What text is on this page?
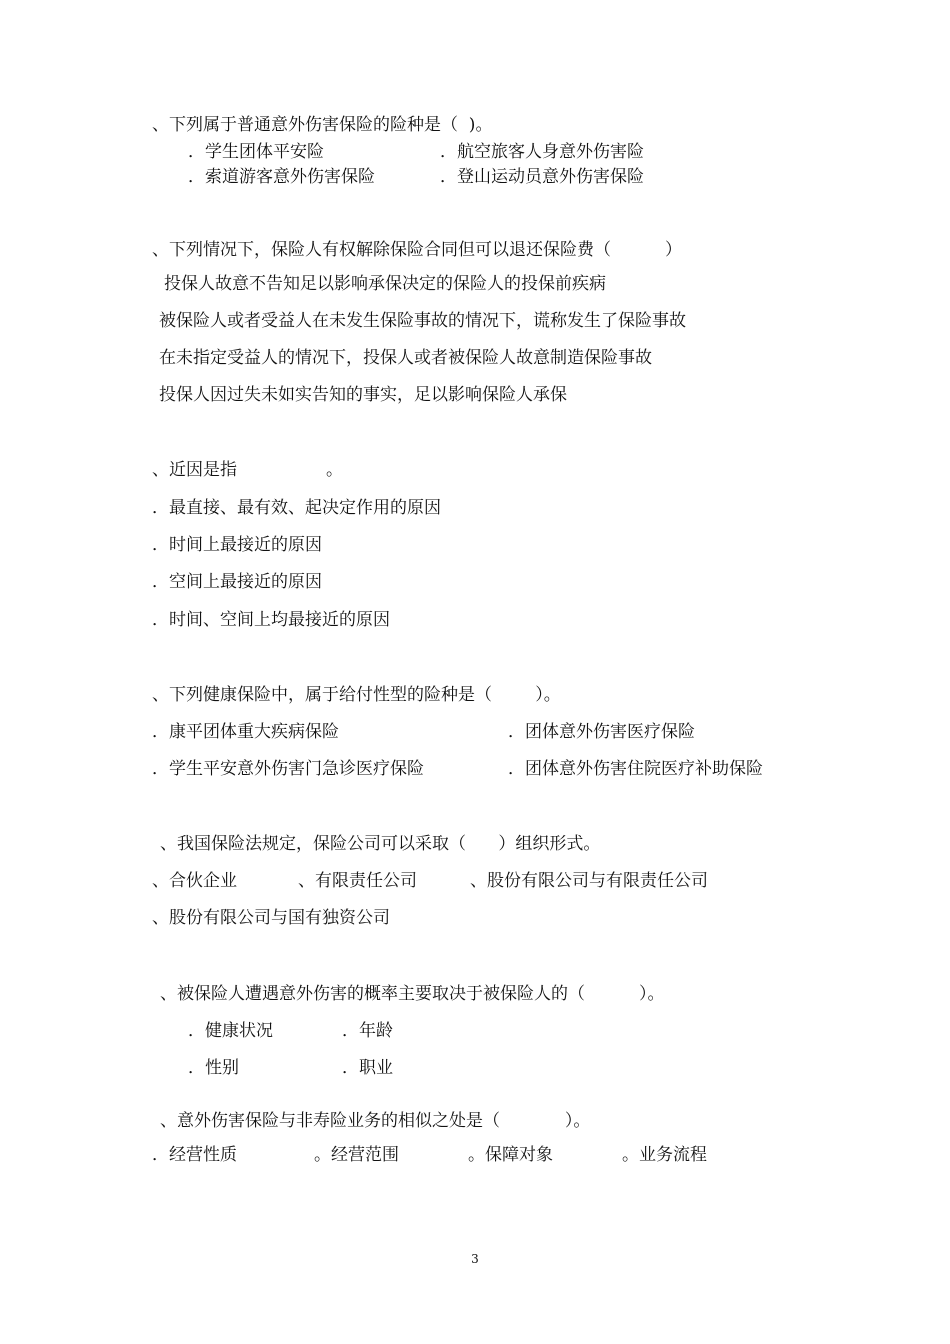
、下列属于普通意外伤害保险的险种是（  )。

．学生团体平安险	．航空旅客人身意外伤害险

．索道游客意外伤害保险	．登山运动员意外伤害保险

、下列情况下，保险人有权解除保险合同但可以退还保险费（          ）

投保人故意不告知足以影响承保决定的保险人的投保前疾病

被保险人或者受益人在未发生保险事故的情况下，谎称发生了保险事故

在未指定受益人的情况下，投保人或者被保险人故意制造保险事故

投保人因过失未如实告知的事实，足以影响保险人承保

、近因是指	。

．最直接、最有效、起决定作用的原因

．时间上最接近的原因

．空间上最接近的原因

．时间、空间上均最接近的原因

、下列健康保险中，属于给付性型的险种是（        ）。

．康平团体重大疾病保险	．团体意外伤害医疗保险

．学生平安意外伤害门急诊医疗保险	．团体意外伤害住院医疗补助保险

、我国保险法规定，保险公司可以采取（      ）组织形式。

、合伙企业	、有限责任公司	、股份有限公司与有限责任公司

、股份有限公司与国有独资公司

、被保险人遭遇意外伤害的概率主要取决于被保险人的（          ）。

．健康状况	．年龄

．性别	．职业

、意外伤害保险与非寿险业务的相似之处是（            ）。

．经营性质	。经营范围	。保障对象	。业务流程

3
